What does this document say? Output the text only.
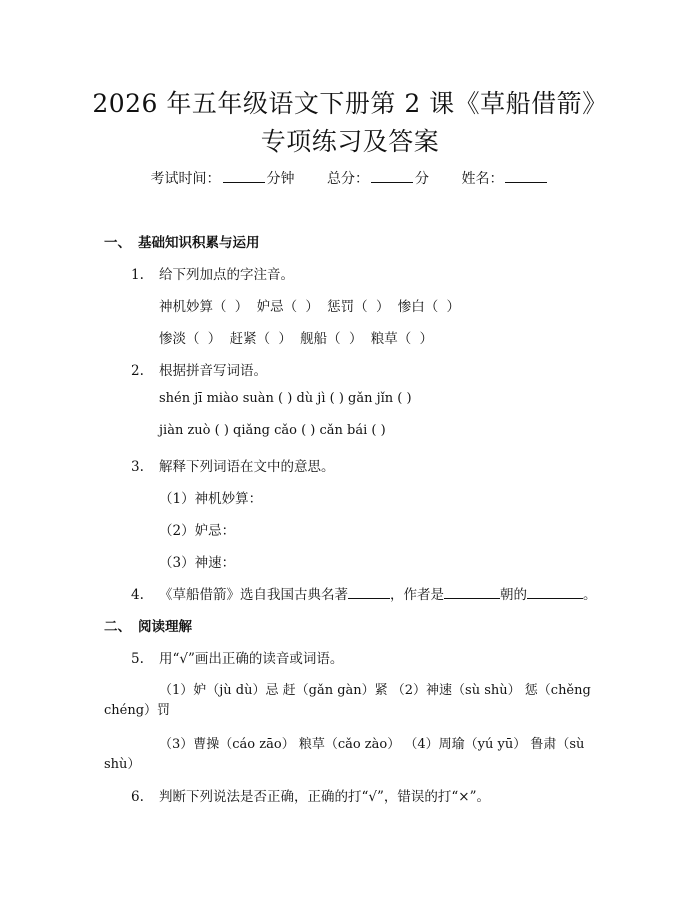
2026 年五年级语文下册第 2 课《草船借箭》
专项练习及答案
考试时间：	分钟 总分：	分 姓名：
一、 基础知识积累与运用
1. 给下列加点的字注音。
神机妙算（ ） 妒忌（ ） 惩罚（ ） 惨白（ ）
惨淡（ ） 赶紧（ ） 舰船（ ） 粮草（ ）
2. 根据拼音写词语。
shén jī miào suàn ( ) dù jì ( ) gǎn jǐn ( )
jiàn zuò ( ) qiǎng cǎo ( ) cǎn bái ( )
3. 解释下列词语在文中的意思。
（1）神机妙算：
（2）妒忌：
（3）神速：
4. 《草船借箭》选自我国古典名著	，作者是	朝的	。
二、 阅读理解
5. 用“√”画出正确的读音或词语。
（1）妒（jù dù）忌 赶（gǎn gàn）紧 （2）神速（sù shù） 惩（chěng
chéng）罚
（3）曹操（cáo zāo） 粮草（cǎo zào） （4）周瑜（yú yū） 鲁肃（sù
shù）
6. 判断下列说法是否正确，正确的打“√”，错误的打“×”。
